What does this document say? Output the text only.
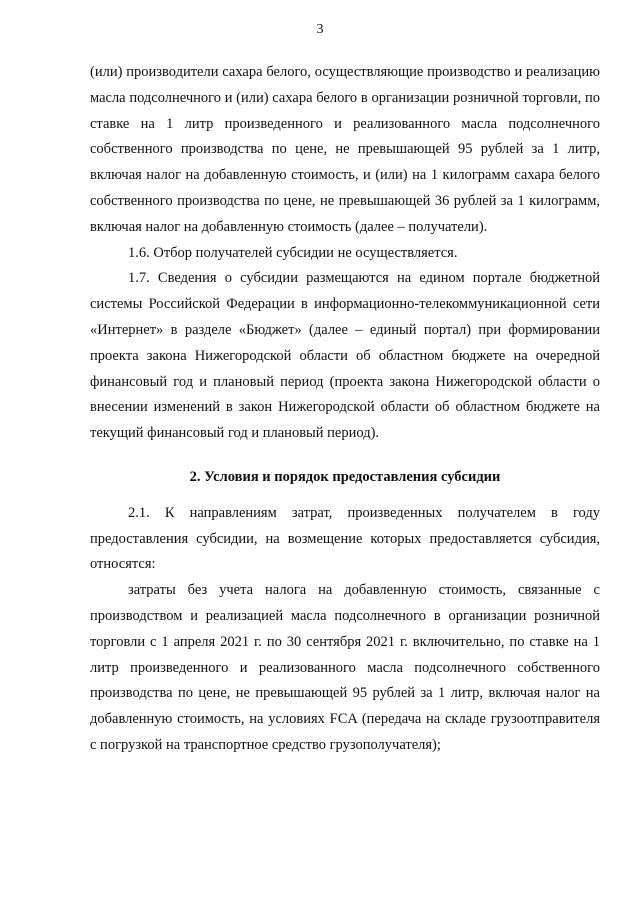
3

(или) производители сахара белого, осуществляющие производство и реализацию масла подсолнечного и (или) сахара белого в организации розничной торговли, по ставке на 1 литр произведенного и реализованного масла подсолнечного собственного производства по цене, не превышающей 95 рублей за 1 литр, включая налог на добавленную стоимость, и (или) на 1 килограмм сахара белого собственного производства по цене, не превышающей 36 рублей за 1 килограмм, включая налог на добавленную стоимость (далее – получатели).

1.6. Отбор получателей субсидии не осуществляется.

1.7. Сведения о субсидии размещаются на едином портале бюджетной системы Российской Федерации в информационно-телекоммуникационной сети «Интернет» в разделе «Бюджет» (далее – единый портал) при формировании проекта закона Нижегородской области об областном бюджете на очередной финансовый год и плановый период (проекта закона Нижегородской области о внесении изменений в закон Нижегородской области об областном бюджете на текущий финансовый год и плановый период).

2. Условия и порядок предоставления субсидии

2.1. К направлениям затрат, произведенных получателем в году предоставления субсидии, на возмещение которых предоставляется субсидия, относятся:

затраты без учета налога на добавленную стоимость, связанные с производством и реализацией масла подсолнечного в организации розничной торговли с 1 апреля 2021 г. по 30 сентября 2021 г. включительно, по ставке на 1 литр произведенного и реализованного масла подсолнечного собственного производства по цене, не превышающей 95 рублей за 1 литр, включая налог на добавленную стоимость, на условиях FCA (передача на складе грузоотправителя с погрузкой на транспортное средство грузополучателя);
